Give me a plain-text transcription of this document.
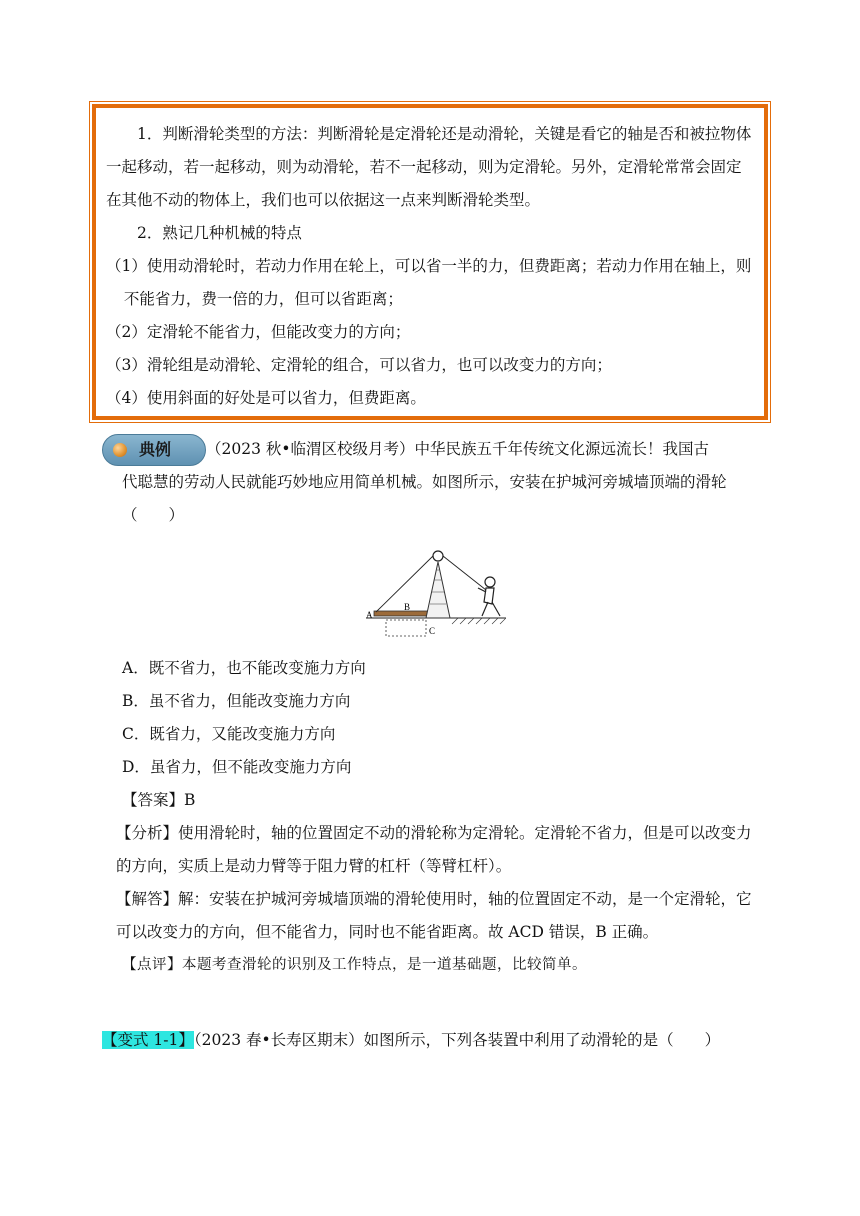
1．判断滑轮类型的方法：判断滑轮是定滑轮还是动滑轮，关键是看它的轴是否和被拉物体一起移动，若一起移动，则为动滑轮，若不一起移动，则为定滑轮。另外，定滑轮常常会固定在其他不动的物体上，我们也可以依据这一点来判断滑轮类型。

2．熟记几种机械的特点

（1）使用动滑轮时，若动力作用在轮上，可以省一半的力，但费距离；若动力作用在轴上，则不能省力，费一倍的力，但可以省距离；

（2）定滑轮不能省力，但能改变力的方向；

（3）滑轮组是动滑轮、定滑轮的组合，可以省力，也可以改变力的方向；

（4）使用斜面的好处是可以省力，但费距离。

典例	（2023 秋•临渭区校级月考）中华民族五千年传统文化源远流长！我国古

代聪慧的劳动人民就能巧妙地应用简单机械。如图所示，安装在护城河旁城墙顶端的滑轮（　　）

A
B
C

A．既不省力，也不能改变施力方向

B．虽不省力，但能改变施力方向

C．既省力，又能改变施力方向

D．虽省力，但不能改变施力方向

【答案】B

【分析】使用滑轮时，轴的位置固定不动的滑轮称为定滑轮。定滑轮不省力，但是可以改变力的方向，实质上是动力臂等于阻力臂的杠杆（等臂杠杆）。

【解答】解：安装在护城河旁城墙顶端的滑轮使用时，轴的位置固定不动，是一个定滑轮，它可以改变力的方向，但不能省力，同时也不能省距离。故 ACD 错误，B 正确。

【点评】本题考查滑轮的识别及工作特点，是一道基础题，比较简单。

【变式 1-1】（2023 春•长寿区期末）如图所示，下列各装置中利用了动滑轮的是（　　）
